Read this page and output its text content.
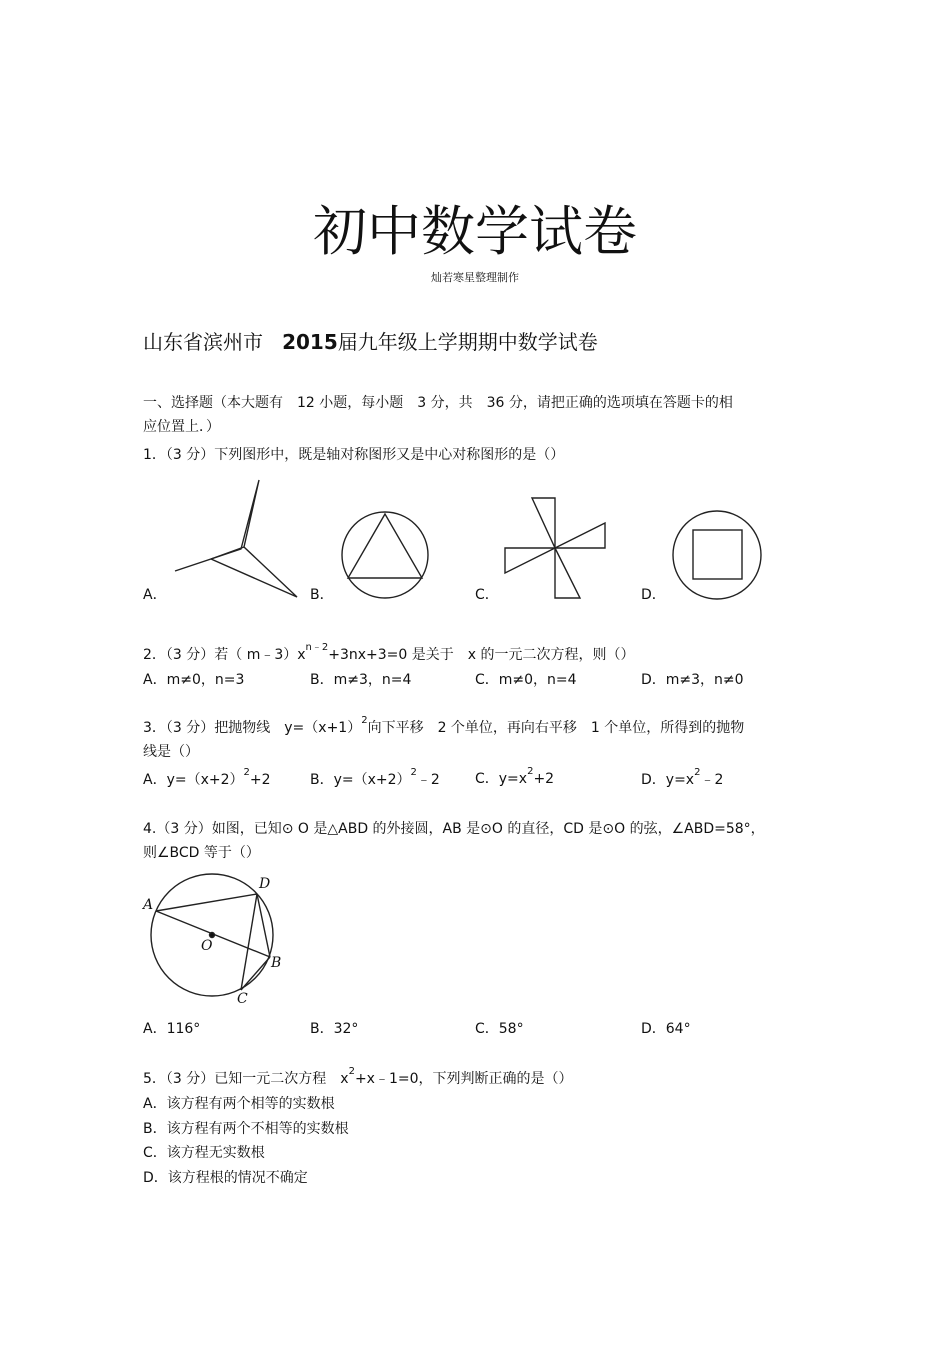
初中数学试卷
灿若寒星整理制作
山东省滨州市 2015届九年级上学期期中数学试卷
一、选择题（本大题有　12 小题，每小题　3 分，共　36 分，请把正确的选项填在答题卡的相
应位置上．）
1．（3 分）下列图形中，既是轴对称图形又是中心对称图形的是（）
A．	B．	C．	D．
2．（3 分）若（ $m﹣3)x^{n﹣2}+3nx+3=0$ 是关于　x 的一元二次方程，则（）
A．m≠0，n=3	B．m≠3，n=4	C．m≠0，n=4	D．m≠3，n≠0
3．（3 分）把抛物线　$y=(x+1)^2$向下平移　2 个单位，再向右平移　1 个单位，所得到的抛物
线是（）
A．$y=(x+2)^2+2$	B．$y=(x+2)^2﹣2$	C．$y=x^2+2$	D．$y=x^2﹣2$
4.（3 分）如图，已知⊙ O 是△ABD 的外接圆，AB 是⊙O 的直径，CD 是⊙O 的弦，∠ABD=58°，
则∠BCD 等于（）
A
D
O
B
C
A．116°	B．32°	C．58°	D．64°
5．（3 分）已知一元二次方程　$x^2+x﹣1=0$，下列判断正确的是（）
A．该方程有两个相等的实数根
B．该方程有两个不相等的实数根
C．该方程无实数根
D．该方程根的情况不确定
